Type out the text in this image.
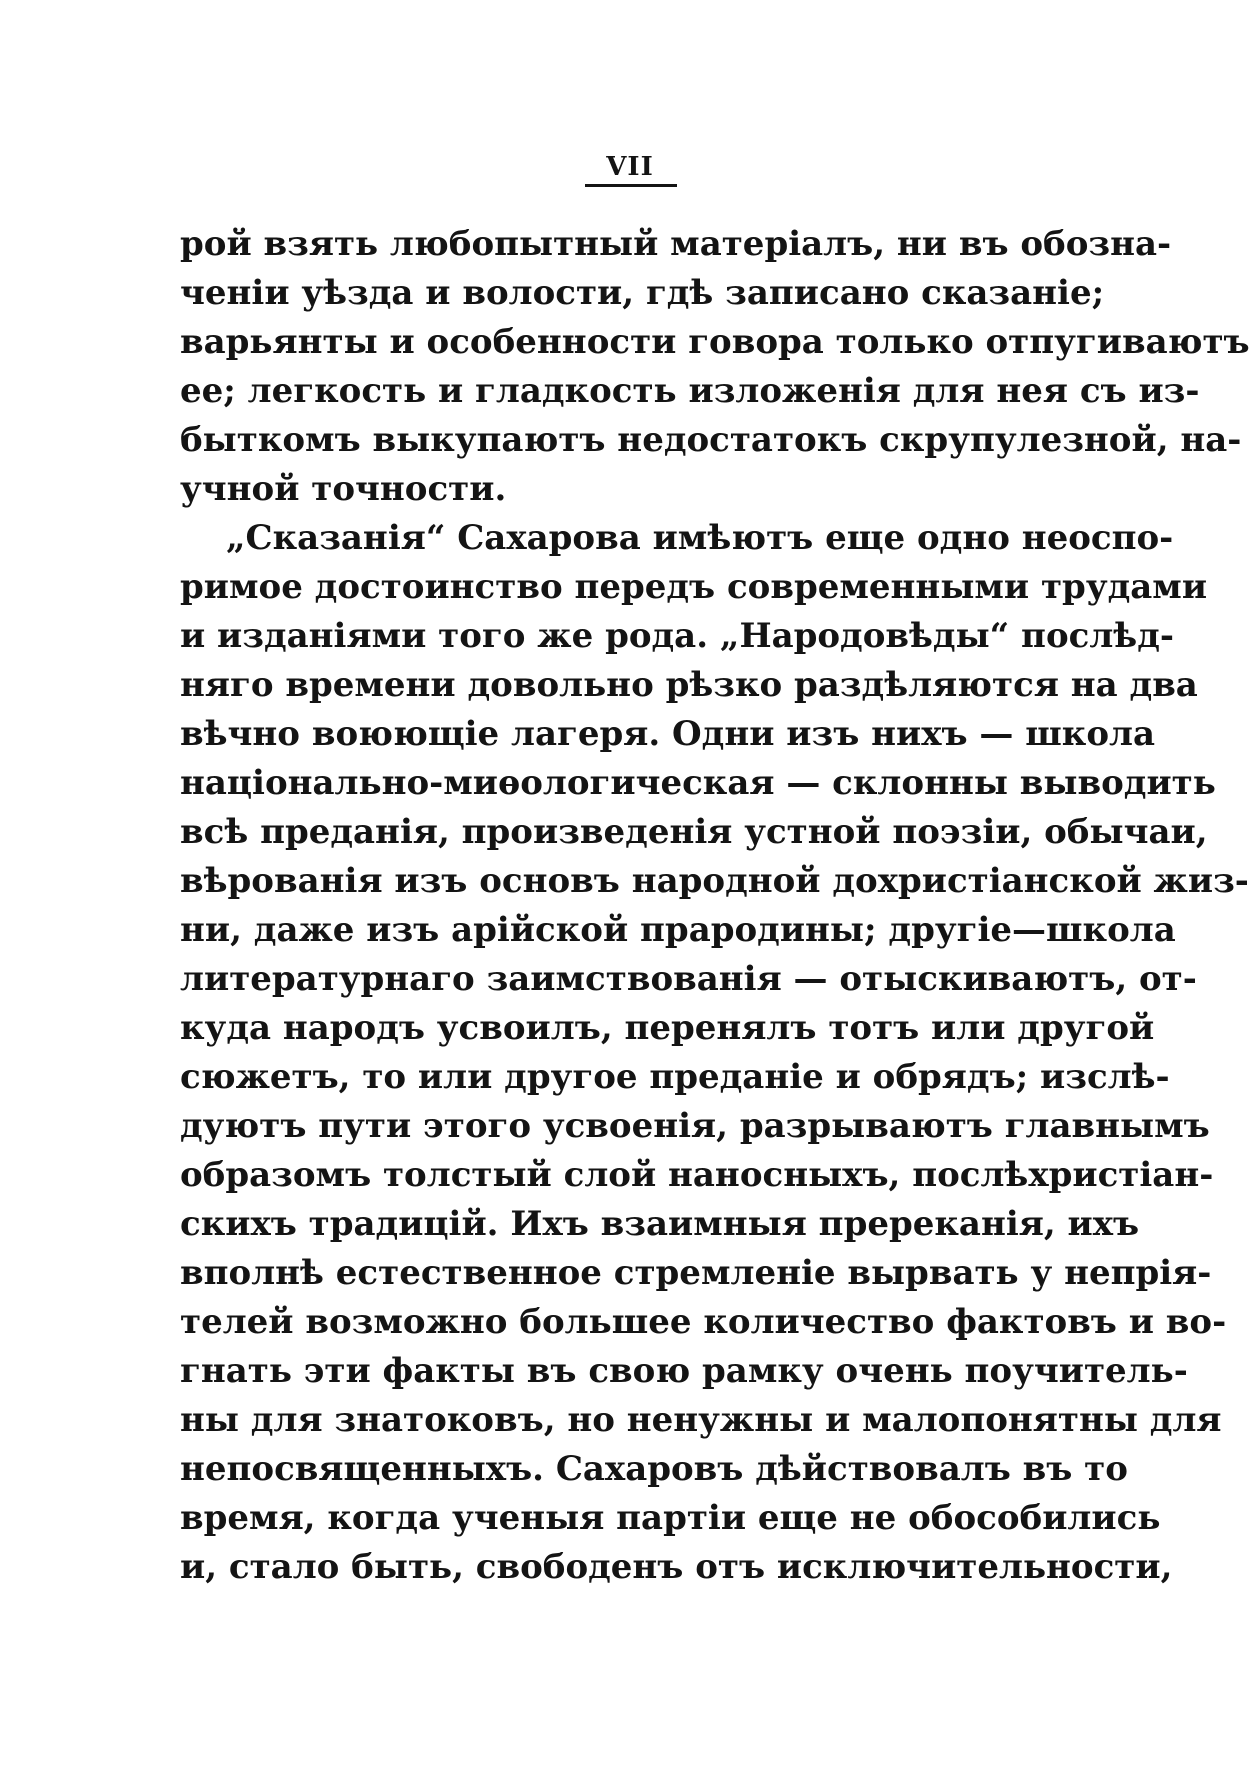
VII
рой взять любопытный матеріалъ, ни въ обозна-
ченіи уѣзда и волости, гдѣ записано сказаніе;
варьянты и особенности говора только отпугиваютъ
ее; легкость и гладкость изложенія для нея съ из-
быткомъ выкупаютъ недостатокъ скрупулезной, на-
учной точности.
„Сказанія“ Сахарова имѣютъ еще одно неоспо-
римое достоинство передъ современными трудами
и изданіями того же рода. „Народовѣды“ послѣд-
няго времени довольно рѣзко раздѣляются на два
вѣчно воюющіе лагеря. Одни изъ нихъ — школа
національно-миѳологическая — склонны выводить
всѣ преданія, произведенія устной поэзіи, обычаи,
вѣрованія изъ основъ народной дохристіанской жиз-
ни, даже изъ арійской прародины; другіе—школа
литературнаго заимствованія — отыскиваютъ, от-
куда народъ усвоилъ, перенялъ тотъ или другой
сюжетъ, то или другое преданіе и обрядъ; изслѣ-
дуютъ пути этого усвоенія, разрываютъ главнымъ
образомъ толстый слой наносныхъ, послѣхристіан-
скихъ традицій. Ихъ взаимныя пререканія, ихъ
вполнѣ естественное стремленіе вырвать у непрія-
телей возможно большее количество фактовъ и во-
гнать эти факты въ свою рамку очень поучитель-
ны для знатоковъ, но ненужны и малопонятны для
непосвященныхъ. Сахаровъ дѣйствовалъ въ то
время, когда ученыя партіи еще не обособились
и, стало быть, свободенъ отъ исключительности,
